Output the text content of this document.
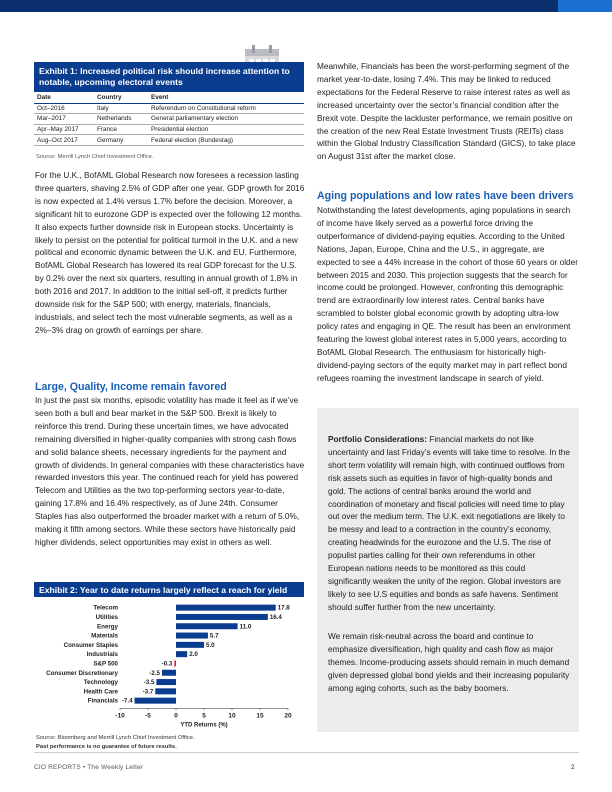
Exhibit 1: Increased political risk should increase attention to notable, upcoming electoral events
Date	Country	Event
Oct–2016	Italy	Referendum on Constitutional reform
Mar–2017	Netherlands	General parliamentary election
Apr–May 2017	France	Presidential election
Aug–Oct 2017	Germany	Federal election (Bundestag)
Source: Merrill Lynch Chief Investment Office.

For the U.K., BofAML Global Research now foresees a recession lasting three quarters, shaving 2.5% of GDP after one year. GDP growth for 2016 is now expected at 1.4% versus 1.7% before the decision. Moreover, a significant hit to eurozone GDP is expected over the following 12 months. It also expects further downside risk in European stocks. Uncertainty is likely to persist on the potential for political turmoil in the U.K. and a new political and economic dynamic between the U.K. and EU. Furthermore, BofAML Global Research has lowered its real GDP forecast for the U.S. by 0.2% over the next six quarters, resulting in annual growth of 1.8% in both 2016 and 2017. In addition to the initial sell-off, it predicts further downside risk for the S&P 500; with energy, materials, financials, industrials, and select tech the most vulnerable segments, as well as a 2%–3% drag on growth of earnings per share.

Large, Quality, Income remain favored

In just the past six months, episodic volatility has made it feel as if we’ve seen both a bull and bear market in the S&P 500. Brexit is likely to reinforce this trend. During these uncertain times, we have advocated remaining diversified in higher-quality companies with strong cash flows and solid balance sheets, necessary ingredients for the payment and growth of dividends. In general companies with these characteristics have rewarded investors this year. The continued reach for yield has powered Telecom and Utilities as the two top-performing sectors year-to-date, gaining 17.8% and 16.4% respectively, as of June 24th. Consumer Staples has also outperformed the broader market with a return of 5.0%, making it fifth among sectors. While these sectors have historically paid higher dividends, select opportunities may exist in others as well.

Exhibit 2: Year to date returns largely reflect a reach for yield
Telecom	17.8
Utilities	16.4
Energy	11.0
Materials	5.7
Consumer Staples	5.0
Industrials	2.0
S&P 500	-0.3
Consumer Discretionary	-2.5
Technology	-3.5
Health Care	-3.7
Financials -7.4
-10	-5	0	5	10	15	20
YTD Returns (%)
Source: Bloomberg and Merrill Lynch Chief Investment Office.
Past performance is no guarantee of future results.

Meanwhile, Financials has been the worst-performing segment of the market year-to-date, losing 7.4%. This may be linked to reduced expectations for the Federal Reserve to raise interest rates as well as increased uncertainty over the sector’s financial condition after the Brexit vote. Despite the lackluster performance, we remain positive on the creation of the new Real Estate Investment Trusts (REITs) class within the Global Industry Classification Standard (GICS), to take place on August 31st after the market close.

Aging populations and low rates have been drivers

Notwithstanding the latest developments, aging populations in search of income have likely served as a powerful force driving the outperformance of dividend-paying equities. According to the United Nations, Japan, Europe, China and the U.S., in aggregate, are expected to see a 44% increase in the cohort of those 60 years or older between 2015 and 2030. This projection suggests that the search for income could be prolonged. However, confronting this demographic trend are extraordinarily low interest rates. Central banks have scrambled to bolster global economic growth by adopting ultra-low policy rates and engaging in QE. The result has been an environment featuring the lowest global interest rates in 5,000 years, according to BofAML Global Research. The enthusiasm for historically high-dividend-paying sectors of the equity market may in part reflect bond refugees roaming the investment landscape in search of yield.

Portfolio Considerations: Financial markets do not like uncertainty and last Friday’s events will take time to resolve. In the short term volatility will remain high, with continued outflows from risk assets such as equities in favor of high-quality bonds and gold. The actions of central banks around the world and coordination of monetary and fiscal policies will need time to play out over the medium term. The U.K. exit negotiations are likely to be messy and lead to a contraction in the country’s economy, creating headwinds for the eurozone and the U.S. The rise of populist parties calling for their own referendums in other European nations needs to be monitored as this could significantly weaken the unity of the region. Global investors are likely to see U.S equities and bonds as safe havens. Sentiment should suffer further from the new uncertainty.

We remain risk-neutral across the board and continue to emphasize diversification, high quality and cash flow as major themes. Income-producing assets should remain in much demand given depressed global bond yields and their increasing popularity among aging cohorts, such as the baby boomers.

CIO REPORTS • The Weekly Letter	2
